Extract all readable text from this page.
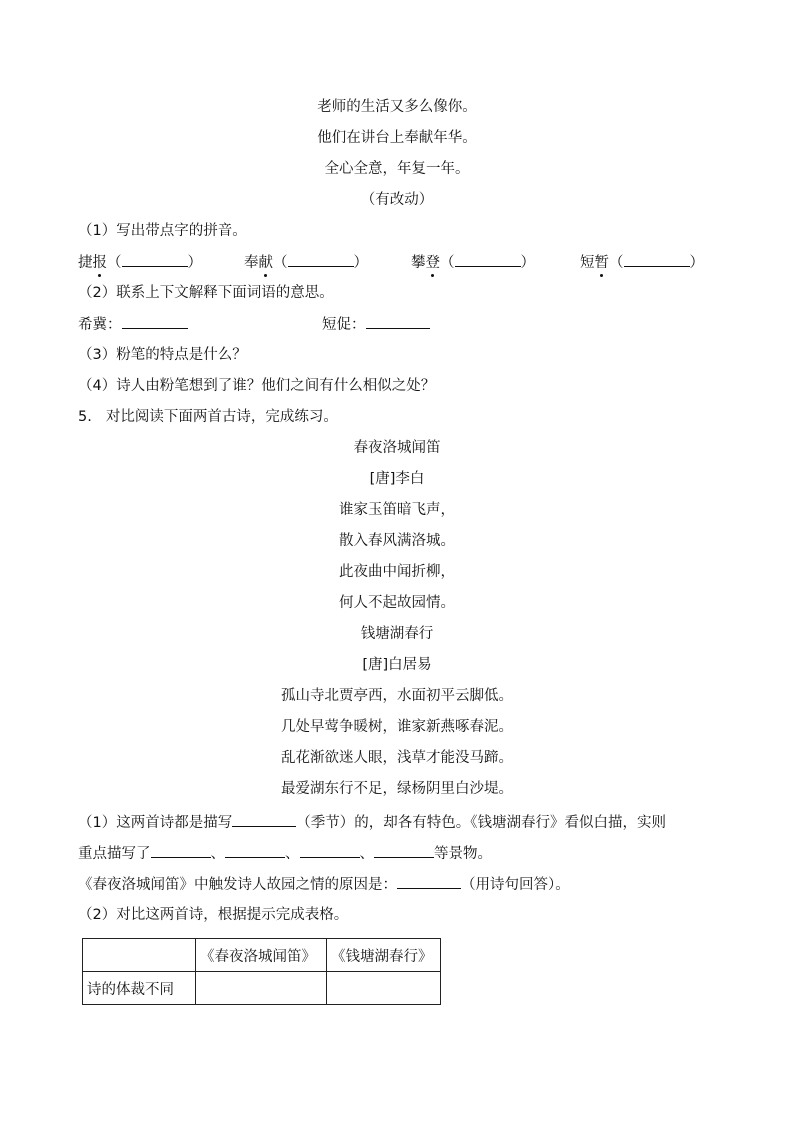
老师的生活又多么像你。
他们在讲台上奉献年华。
全心全意，年复一年。
（有改动）
（1）写出带点字的拼音。
捷报（	）	奉献（	）	攀登（	）	短暂（	）
（2）联系上下文解释下面词语的意思。
希冀：	短促：
（3）粉笔的特点是什么？
（4）诗人由粉笔想到了谁？他们之间有什么相似之处？
5. 对比阅读下面两首古诗，完成练习。
春夜洛城闻笛
[唐]李白
谁家玉笛暗飞声，
散入春风满洛城。
此夜曲中闻折柳，
何人不起故园情。
钱塘湖春行
[唐]白居易
孤山寺北贾亭西，水面初平云脚低。
几处早莺争暖树，谁家新燕啄春泥。
乱花渐欲迷人眼，浅草才能没马蹄。
最爱湖东行不足，绿杨阴里白沙堤。
（1）这两首诗都是描写	（季节）的，却各有特色。《钱塘湖春行》看似白描，实则
重点描写了	、	、	、	等景物。
《春夜洛城闻笛》中触发诗人故园之情的原因是：	（用诗句回答）。
（2）对比这两首诗，根据提示完成表格。
	《春夜洛城闻笛》	《钱塘湖春行》
诗的体裁不同		
